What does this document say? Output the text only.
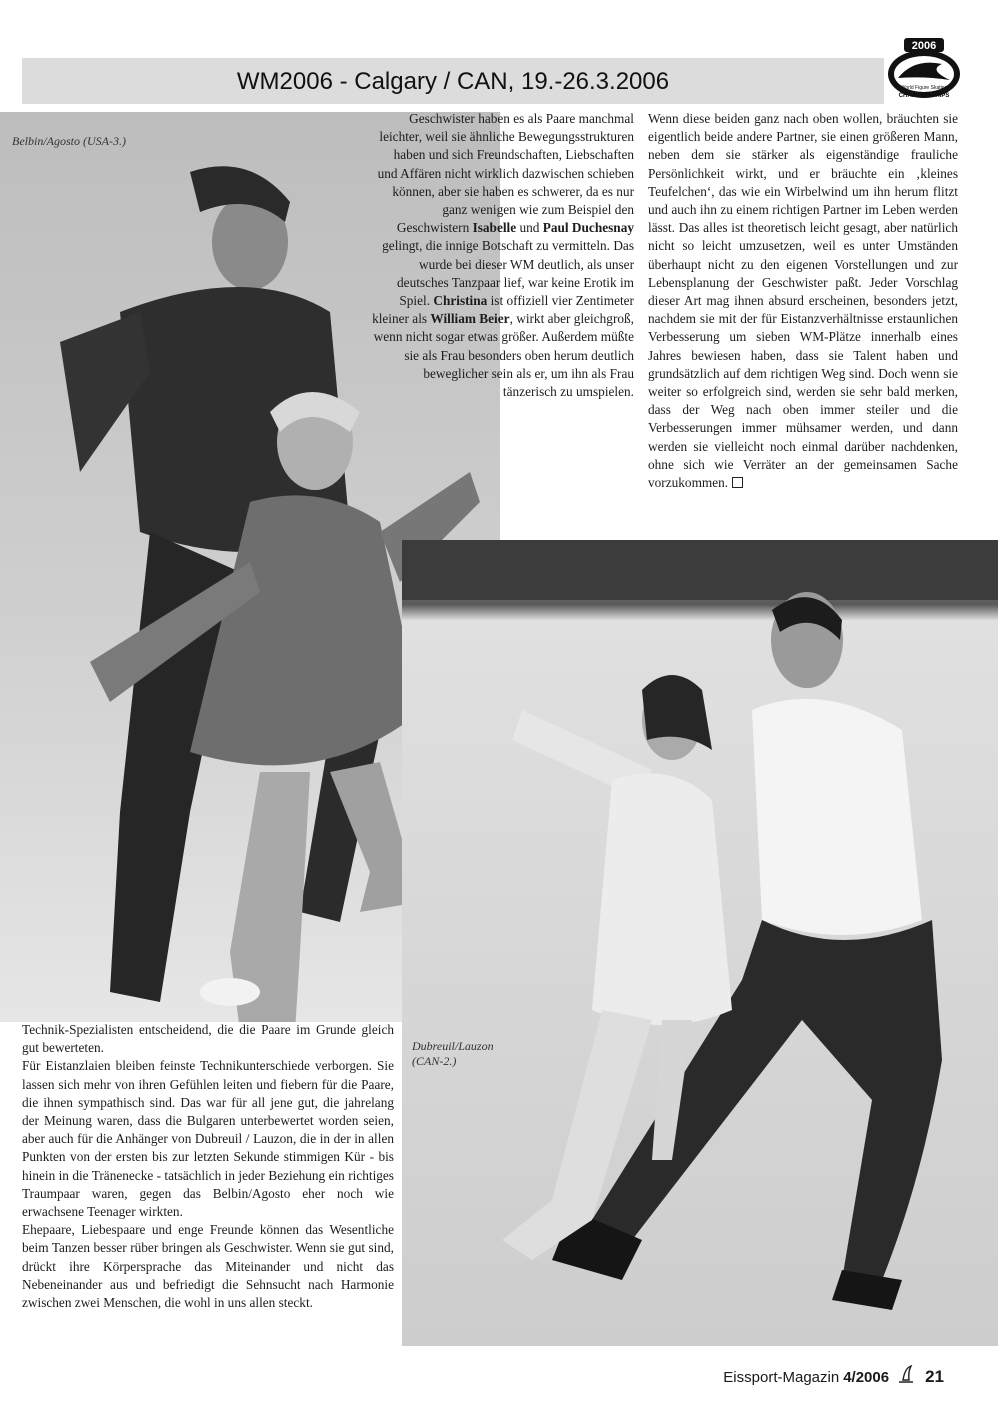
WM2006 - Calgary / CAN, 19.-26.3.2006
2006
World Figure Skating
CHAMPIONSHIPS
Belbin/Agosto (USA-3.)
Dubreuil/Lauzon (CAN-2.)

Geschwister haben es als Paare manchmal leichter, weil sie ähnliche Bewegungsstrukturen haben und sich Freundschaften, Liebschaften und Affären nicht wirklich dazwischen schieben können, aber sie haben es schwerer, da es nur ganz wenigen wie zum Beispiel den Geschwistern Isabelle und Paul Duchesnay gelingt, die innige Botschaft zu vermitteln. Das wurde bei dieser WM deutlich, als unser deutsches Tanzpaar lief, war keine Erotik im Spiel. Christina ist offiziell vier Zentimeter kleiner als William Beier, wirkt aber gleichgroß, wenn nicht sogar etwas größer. Außerdem müßte sie als Frau besonders oben herum deutlich beweglicher sein als er, um ihn als Frau tänzerisch zu umspielen.

Wenn diese beiden ganz nach oben wollen, bräuchten sie eigentlich beide andere Partner, sie einen größeren Mann, neben dem sie stärker als eigenständige frauliche Persönlichkeit wirkt, und er bräuchte ein ‚kleines Teufelchen‘, das wie ein Wirbelwind um ihn herum flitzt und auch ihn zu einem richtigen Partner im Leben werden lässt. Das alles ist theoretisch leicht gesagt, aber natürlich nicht so leicht umzusetzen, weil es unter Umständen überhaupt nicht zu den eigenen Vorstellungen und zur Lebensplanung der Geschwister paßt. Jeder Vorschlag dieser Art mag ihnen absurd erscheinen, besonders jetzt, nachdem sie mit der für Eistanzverhältnisse erstaunlichen Verbesserung um sieben WM-Plätze innerhalb eines Jahres bewiesen haben, dass sie Talent haben und grundsätzlich auf dem richtigen Weg sind. Doch wenn sie weiter so erfolgreich sind, werden sie sehr bald merken, dass der Weg nach oben immer steiler und die Verbesserungen immer mühsamer werden, und dann werden sie vielleicht noch einmal darüber nachdenken, ohne sich wie Verräter an der gemeinsamen Sache vorzukommen.

Technik-Spezialisten entscheidend, die die Paare im Grunde gleich gut bewerteten.

Für Eistanzlaien bleiben feinste Technikunterschiede verborgen. Sie lassen sich mehr von ihren Gefühlen leiten und fiebern für die Paare, die ihnen sympathisch sind. Das war für all jene gut, die jahrelang der Meinung waren, dass die Bulgaren unterbewertet worden seien, aber auch für die Anhänger von Dubreuil / Lauzon, die in der in allen Punkten von der ersten bis zur letzten Sekunde stimmigen Kür - bis hinein in die Tränenecke - tatsächlich in jeder Beziehung ein richtiges Traumpaar waren, gegen das Belbin/Agosto eher noch wie erwachsene Teenager wirkten.

Ehepaare, Liebespaare und enge Freunde können das Wesentliche beim Tanzen besser rüber bringen als Geschwister. Wenn sie gut sind, drückt ihre Körpersprache das Miteinander und nicht das Nebeneinander aus und befriedigt die Sehnsucht nach Harmonie zwischen zwei Menschen, die wohl in uns allen steckt.

Eissport-Magazin 4/2006 21
